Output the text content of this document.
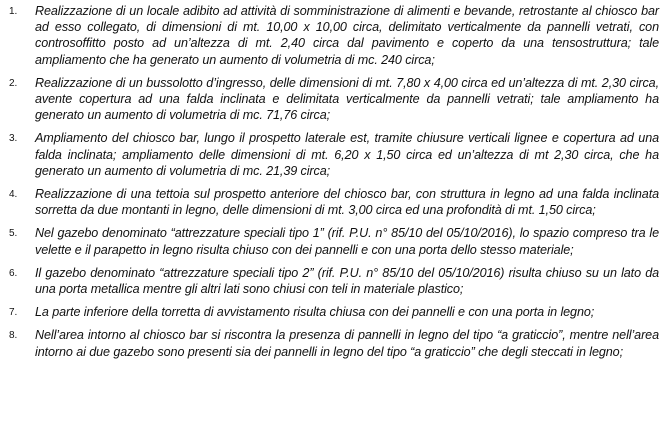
1. Realizzazione di un locale adibito ad attività di somministrazione di alimenti e bevande, retrostante al chiosco bar ad esso collegato, di dimensioni di mt. 10,00 x 10,00 circa, delimitato verticalmente da pannelli vetrati, con controsoffitto posto ad un’altezza di mt. 2,40 circa dal pavimento e coperto da una tensostruttura; tale ampliamento che ha generato un aumento di volumetria di mc. 240 circa;
2. Realizzazione di un bussolotto d’ingresso, delle dimensioni di mt. 7,80 x 4,00 circa ed un’altezza di mt. 2,30 circa, avente copertura ad una falda inclinata e delimitata verticalmente da pannelli vetrati; tale ampliamento ha generato un aumento di volumetria di mc. 71,76 circa;
3. Ampliamento del chiosco bar, lungo il prospetto laterale est, tramite chiusure verticali lignee e copertura ad una falda inclinata; ampliamento delle dimensioni di mt. 6,20 x 1,50 circa ed un’altezza di mt 2,30 circa, che ha generato un aumento di volumetria di mc. 21,39 circa;
4. Realizzazione di una tettoia sul prospetto anteriore del chiosco bar, con struttura in legno ad una falda inclinata sorretta da due montanti in legno, delle dimensioni di mt. 3,00 circa ed una profondità di mt. 1,50 circa;
5. Nel gazebo denominato “attrezzature speciali tipo 1” (rif. P.U. n° 85/10 del 05/10/2016), lo spazio compreso tra le velette e il parapetto in legno risulta chiuso con dei pannelli e con una porta dello stesso materiale;
6. Il gazebo denominato “attrezzature speciali tipo 2” (rif. P.U. n° 85/10 del 05/10/2016) risulta chiuso su un lato da una porta metallica mentre gli altri lati sono chiusi con teli in materiale plastico;
7. La parte inferiore della torretta di avvistamento risulta chiusa con dei pannelli e con una porta in legno;
8. Nell’area intorno al chiosco bar si riscontra la presenza di pannelli in legno del tipo “a graticcio”, mentre nell’area intorno ai due gazebo sono presenti sia dei pannelli in legno del tipo “a graticcio” che degli steccati in legno;
